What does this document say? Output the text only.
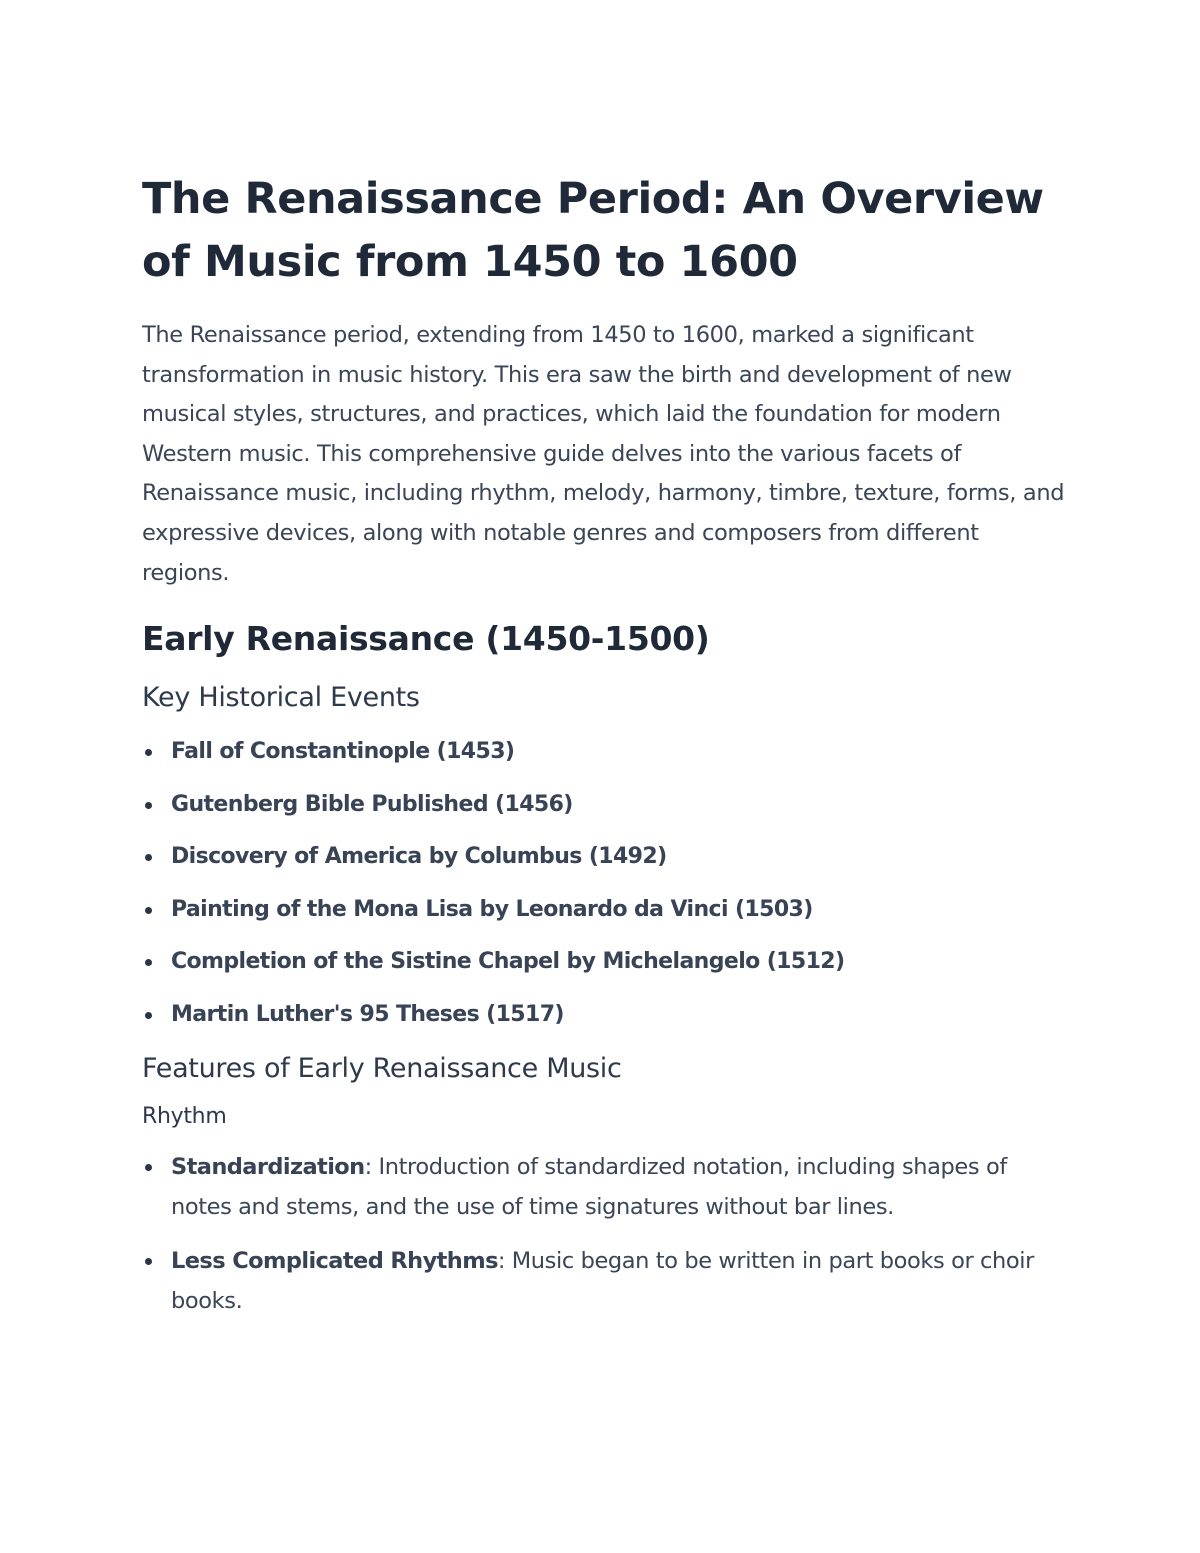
The Renaissance Period: An Overview of Music from 1450 to 1600

The Renaissance period, extending from 1450 to 1600, marked a significant transformation in music history. This era saw the birth and development of new musical styles, structures, and practices, which laid the foundation for modern Western music. This comprehensive guide delves into the various facets of Renaissance music, including rhythm, melody, harmony, timbre, texture, forms, and expressive devices, along with notable genres and composers from different regions.

Early Renaissance (1450-1500)
Key Historical Events
Fall of Constantinople (1453)
Gutenberg Bible Published (1456)
Discovery of America by Columbus (1492)
Painting of the Mona Lisa by Leonardo da Vinci (1503)
Completion of the Sistine Chapel by Michelangelo (1512)
Martin Luther's 95 Theses (1517)
Features of Early Renaissance Music
Rhythm
Standardization: Introduction of standardized notation, including shapes of notes and stems, and the use of time signatures without bar lines.
Less Complicated Rhythms: Music began to be written in part books or choir books.
